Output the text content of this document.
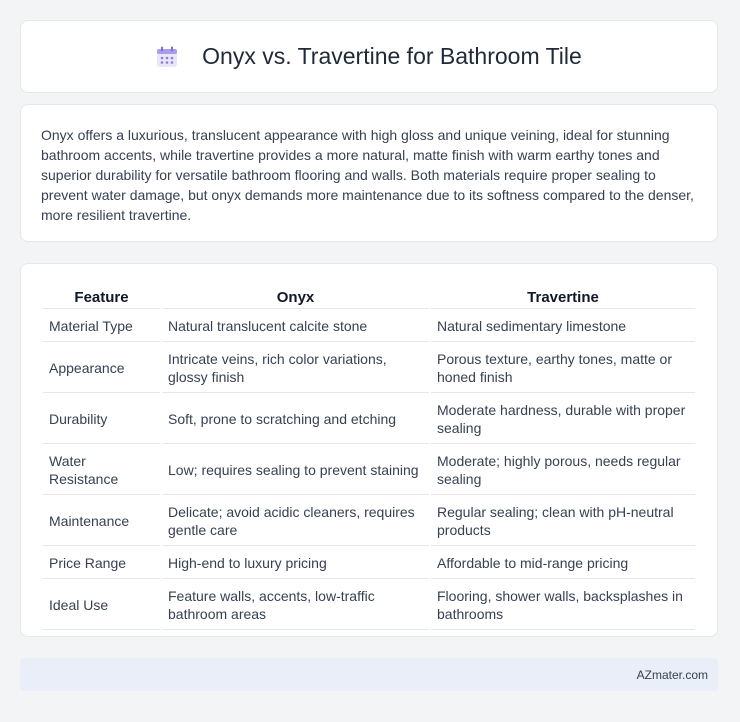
Onyx vs. Travertine for Bathroom Tile

Onyx offers a luxurious, translucent appearance with high gloss and unique veining, ideal for stunning bathroom accents, while travertine provides a more natural, matte finish with warm earthy tones and superior durability for versatile bathroom flooring and walls. Both materials require proper sealing to prevent water damage, but onyx demands more maintenance due to its softness compared to the denser, more resilient travertine.

Feature	Onyx	Travertine
Material Type	Natural translucent calcite stone	Natural sedimentary limestone
Appearance	Intricate veins, rich color variations, glossy finish	Porous texture, earthy tones, matte or honed finish
Durability	Soft, prone to scratching and etching	Moderate hardness, durable with proper sealing
Water Resistance	Low; requires sealing to prevent staining	Moderate; highly porous, needs regular sealing
Maintenance	Delicate; avoid acidic cleaners, requires gentle care	Regular sealing; clean with pH-neutral products
Price Range	High-end to luxury pricing	Affordable to mid-range pricing
Ideal Use	Feature walls, accents, low-traffic bathroom areas	Flooring, shower walls, backsplashes in bathrooms
AZmater.com
